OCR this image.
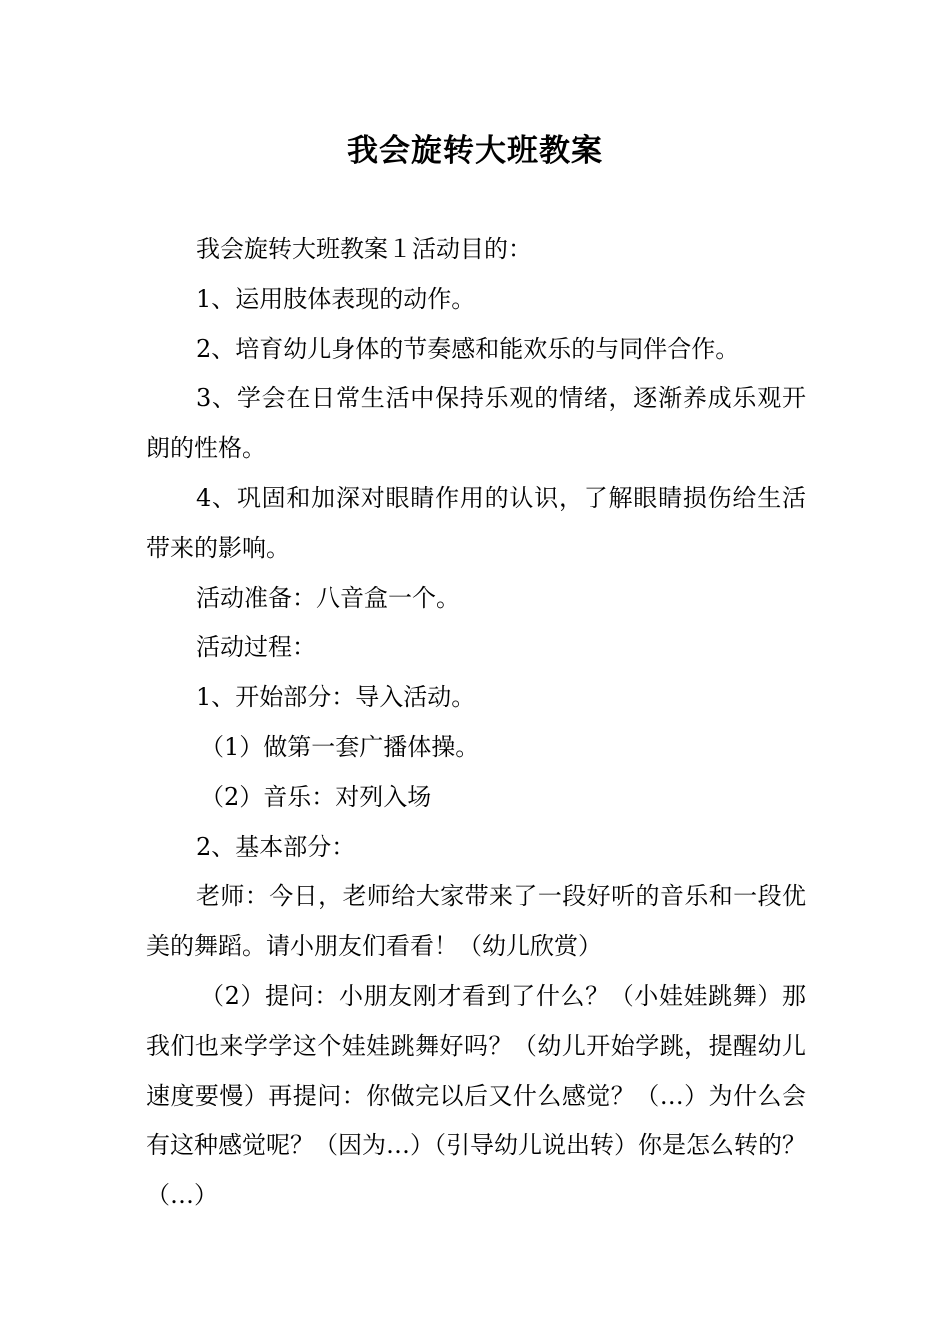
我会旋转大班教案

我会旋转大班教案１活动目的：

1、运用肢体表现的动作。

2、培育幼儿身体的节奏感和能欢乐的与同伴合作。

3、学会在日常生活中保持乐观的情绪，逐渐养成乐观开朗的性格。

4、巩固和加深对眼睛作用的认识，了解眼睛损伤给生活带来的影响。

活动准备：八音盒一个。

活动过程：

1、开始部分：导入活动。

（1）做第一套广播体操。

（2）音乐：对列入场

2、基本部分：

老师：今日，老师给大家带来了一段好听的音乐和一段优美的舞蹈。请小朋友们看看！（幼儿欣赏）

（2）提问：小朋友刚才看到了什么？（小娃娃跳舞）那我们也来学学这个娃娃跳舞好吗？（幼儿开始学跳，提醒幼儿速度要慢）再提问：你做完以后又什么感觉？（…）为什么会有这种感觉呢？（因为…）（引导幼儿说出转）你是怎么转的？（…）
